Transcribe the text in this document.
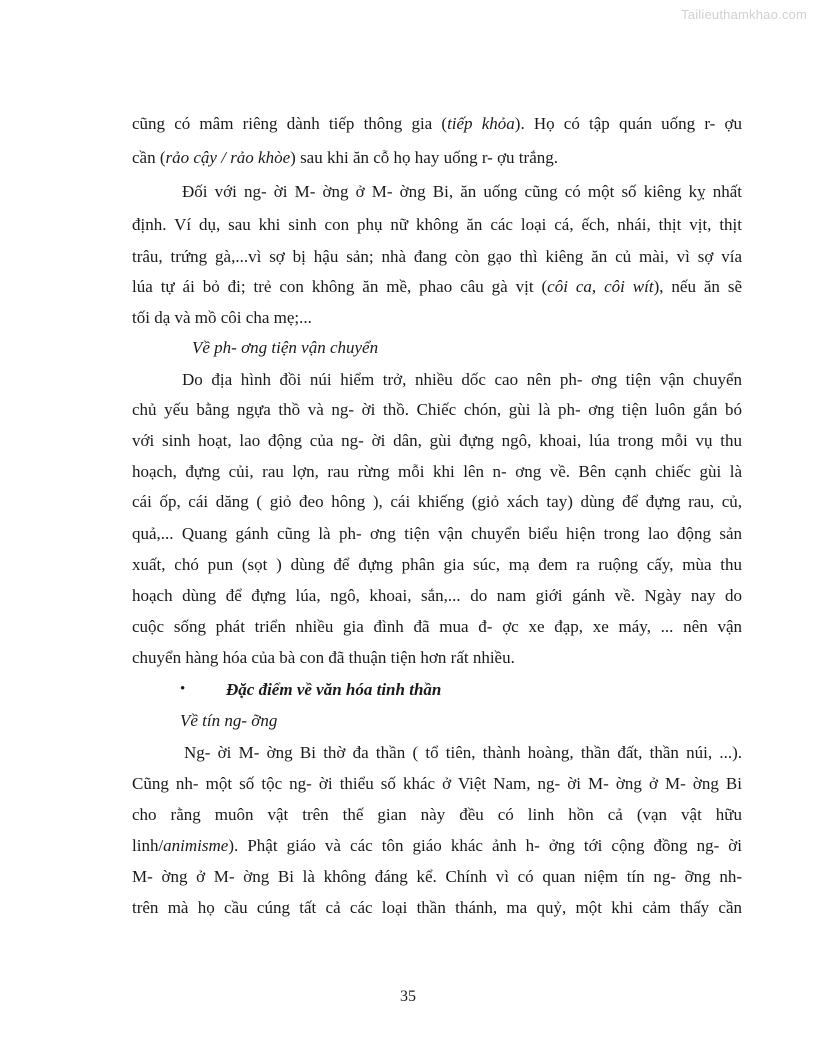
Tailieuthamkhao.com
cũng có mâm riêng dành tiếp thông gia (tiếp khỏa). Họ có tập quán uống r- ợu
cần (rảo cậy / rảo khòe) sau khi ăn cỗ họ hay uống r- ợu trắng.
Đối với ng- ời M- ờng ở M- ờng Bi, ăn uống cũng có một số kiêng kỵ nhất
định. Ví dụ, sau khi sinh con phụ nữ không ăn các loại cá, ếch, nhái, thịt vịt, thịt
trâu, trứng gà,...vì sợ bị hậu sản; nhà đang còn gạo thì kiêng ăn củ mài, vì sợ vía
lúa tự ái bỏ đi; trẻ con không ăn mề, phao câu gà vịt (côi ca, côi wít), nếu ăn sẽ
tối dạ và mồ côi cha mẹ;...
Về ph- ơng tiện vận chuyển
Do địa hình đồi núi hiểm trở, nhiều dốc cao nên ph- ơng tiện vận chuyển
chủ yếu bằng ngựa thồ và ng- ời thồ. Chiếc chón, gùi là ph- ơng tiện luôn gắn bó
với sinh hoạt, lao động của ng- ời dân, gùi đựng ngô, khoai, lúa trong mỗi vụ thu
hoạch, đựng củi, rau lợn, rau rừng mỗi khi lên n- ơng về. Bên cạnh chiếc gùi là
cái ốp, cái dăng ( giỏ đeo hông ), cái khiếng (giỏ xách tay) dùng để đựng rau, củ,
quả,... Quang gánh cũng là ph- ơng tiện vận chuyển biểu hiện trong lao động sản
xuất, chó pun (sọt ) dùng để đựng phân gia súc, mạ đem ra ruộng cấy, mùa thu
hoạch dùng để đựng lúa, ngô, khoai, sắn,... do nam giới gánh về. Ngày nay do
cuộc sống phát triển nhiều gia đình đã mua đ- ợc xe đạp, xe máy, ... nên vận
chuyển hàng hóa của bà con đã thuận tiện hơn rất nhiều.
Đặc điểm về văn hóa tinh thần
Về tín ng- ỡng
Ng- ời M- ờng Bi thờ đa thần ( tổ tiên, thành hoàng, thần đất, thần núi, ...).
Cũng nh- một số tộc ng- ời thiểu số khác ở Việt Nam, ng- ời M- ờng ở M- ờng Bi
cho rằng muôn vật trên thế gian này đều có linh hồn cả (vạn vật hữu
linh/animisme). Phật giáo và các tôn giáo khác ảnh h- ởng tới cộng đồng ng- ời
M- ờng ở M- ờng Bi là không đáng kể. Chính vì có quan niệm tín ng- ỡng nh-
trên mà họ cầu cúng tất cả các loại thần thánh, ma quỷ, một khi cảm thấy cần
•
35
